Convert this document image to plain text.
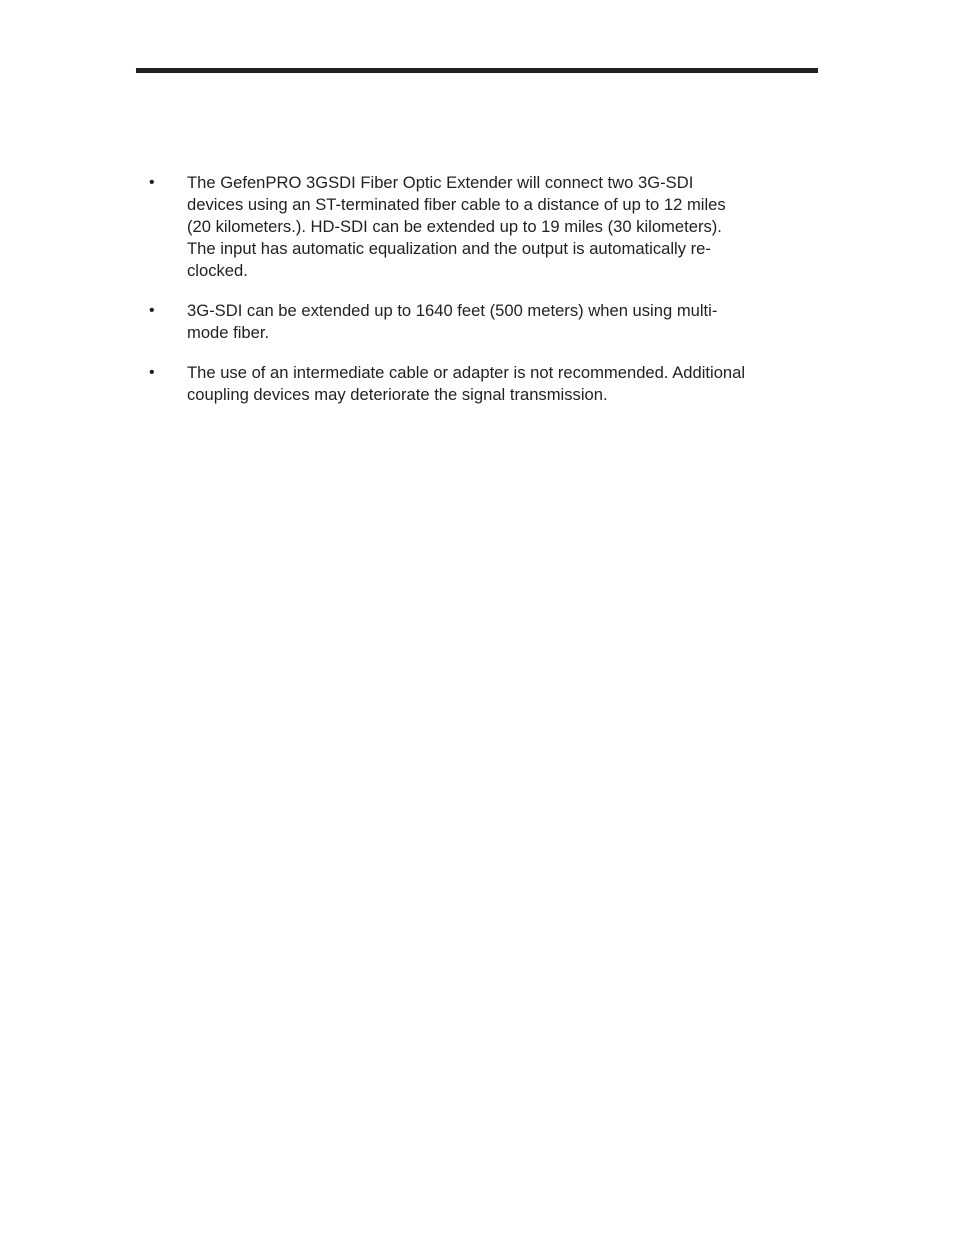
• The GefenPRO 3GSDI Fiber Optic Extender will connect two 3G-SDI
devices using an ST-terminated fiber cable to a distance of up to 12 miles
(20 kilometers.). HD-SDI can be extended up to 19 miles (30 kilometers).
The input has automatic equalization and the output is automatically re-
clocked.
• 3G-SDI can be extended up to 1640 feet (500 meters) when using multi-
mode fiber.
• The use of an intermediate cable or adapter is not recommended. Additional
coupling devices may deteriorate the signal transmission.
